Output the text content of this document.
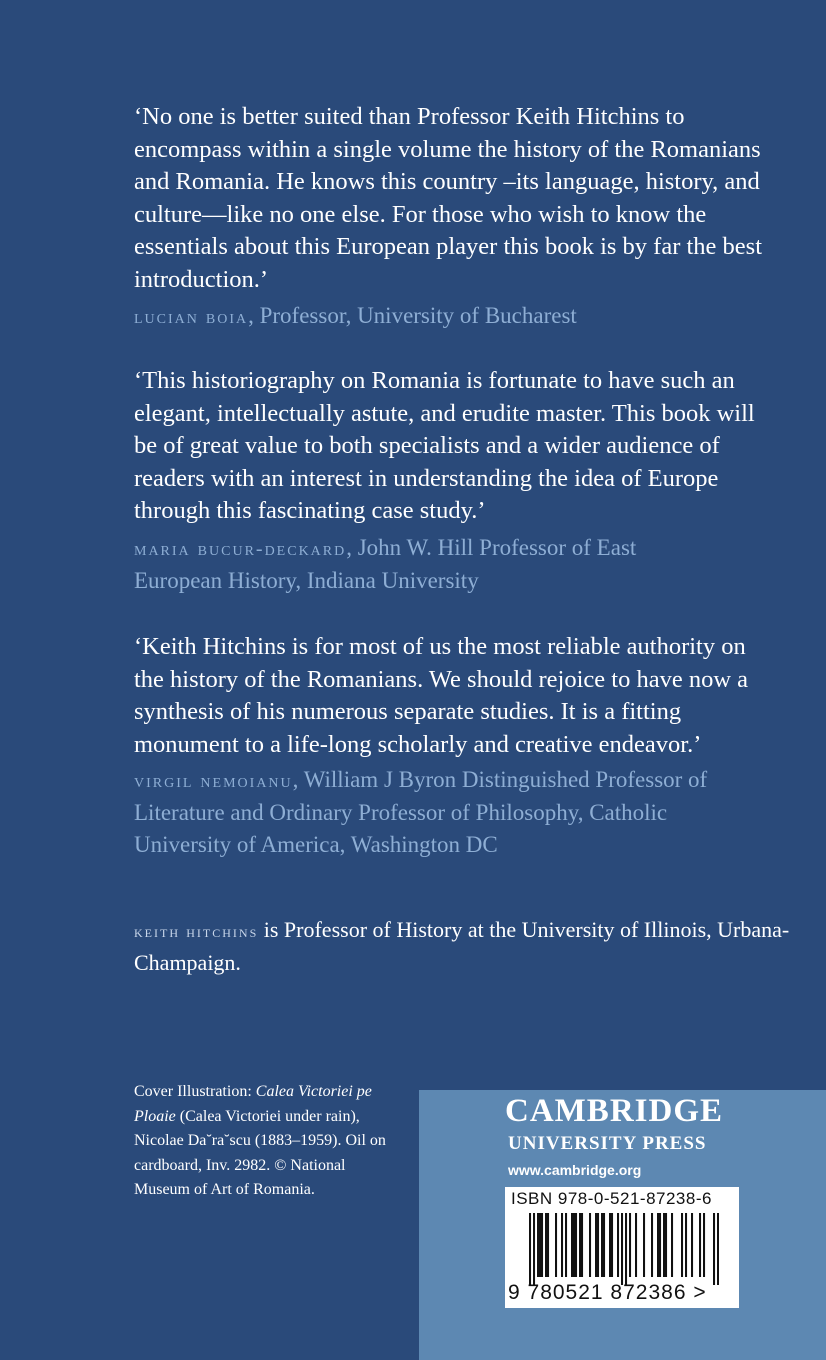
‘No one is better suited than Professor Keith Hitchins to encompass within a single volume the history of the Romanians and Romania. He knows this country –its language, history, and culture—like no one else. For those who wish to know the essentials about this European player this book is by far the best introduction.’

lucian boia, Professor, University of Bucharest

‘This historiography on Romania is fortunate to have such an elegant, intellectually astute, and erudite master. This book will be of great value to both specialists and a wider audience of readers with an interest in understanding the idea of Europe through this fascinating case study.’

maria bucur-deckard, John W. Hill Professor of East European History, Indiana University

‘Keith Hitchins is for most of us the most reliable authority on the history of the Romanians. We should rejoice to have now a synthesis of his numerous separate studies. It is a fitting monument to a life-long scholarly and creative endeavor.’

virgil nemoianu, William J Byron Distinguished Professor of Literature and Ordinary Professor of Philosophy, Catholic University of America, Washington DC

keith hitchins is Professor of History at the University of Illinois, Urbana-Champaign.

Cover Illustration: Calea Victoriei pe Ploaie (Calea Victoriei under rain), Nicolae Da˘ra˘scu (1883–1959). Oil on cardboard, Inv. 2982. © National Museum of Art of Romania.

CAMBRIDGE
UNIVERSITY PRESS
www.cambridge.org
ISBN 978-0-521-87238-6
9 780521 872386 >
